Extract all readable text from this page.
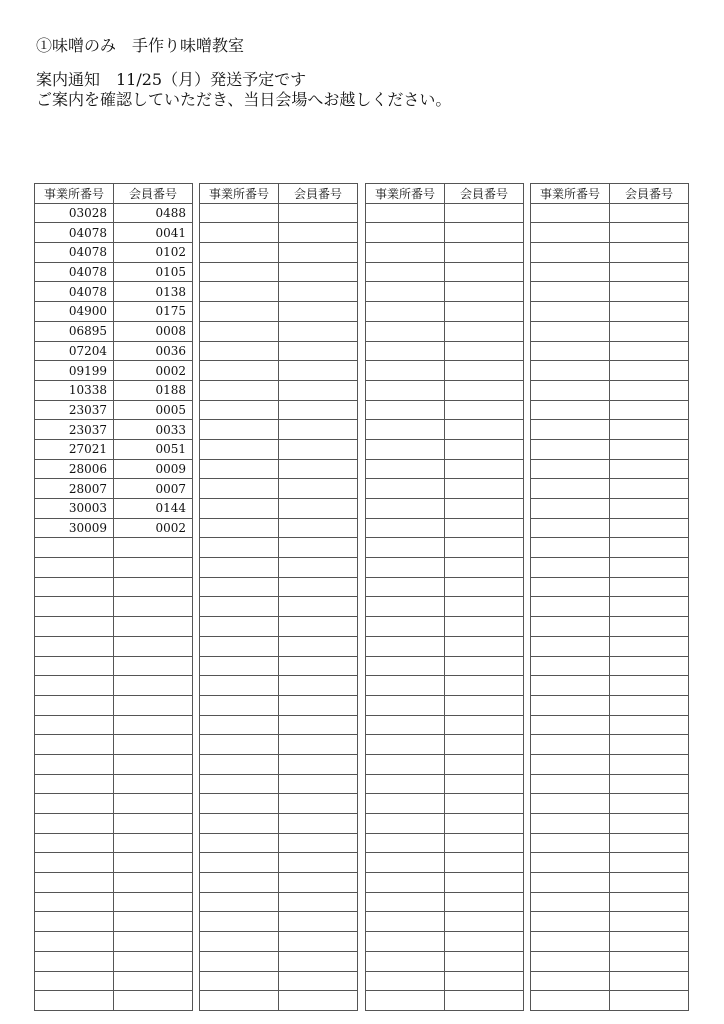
①味噌のみ　手作り味噌教室
案内通知　11/25（月）発送予定です
ご案内を確認していただき、当日会場へお越しください。
事業所番号	会員番号
03028	0488
04078	0041
04078	0102
04078	0105
04078	0138
04900	0175
06895	0008
07204	0036
09199	0002
10338	0188
23037	0005
23037	0033
27021	0051
28006	0009
28007	0007
30003	0144
30009	0002

事業所番号	会員番号

		事業所番号	会員番号

		事業所番号	会員番号
